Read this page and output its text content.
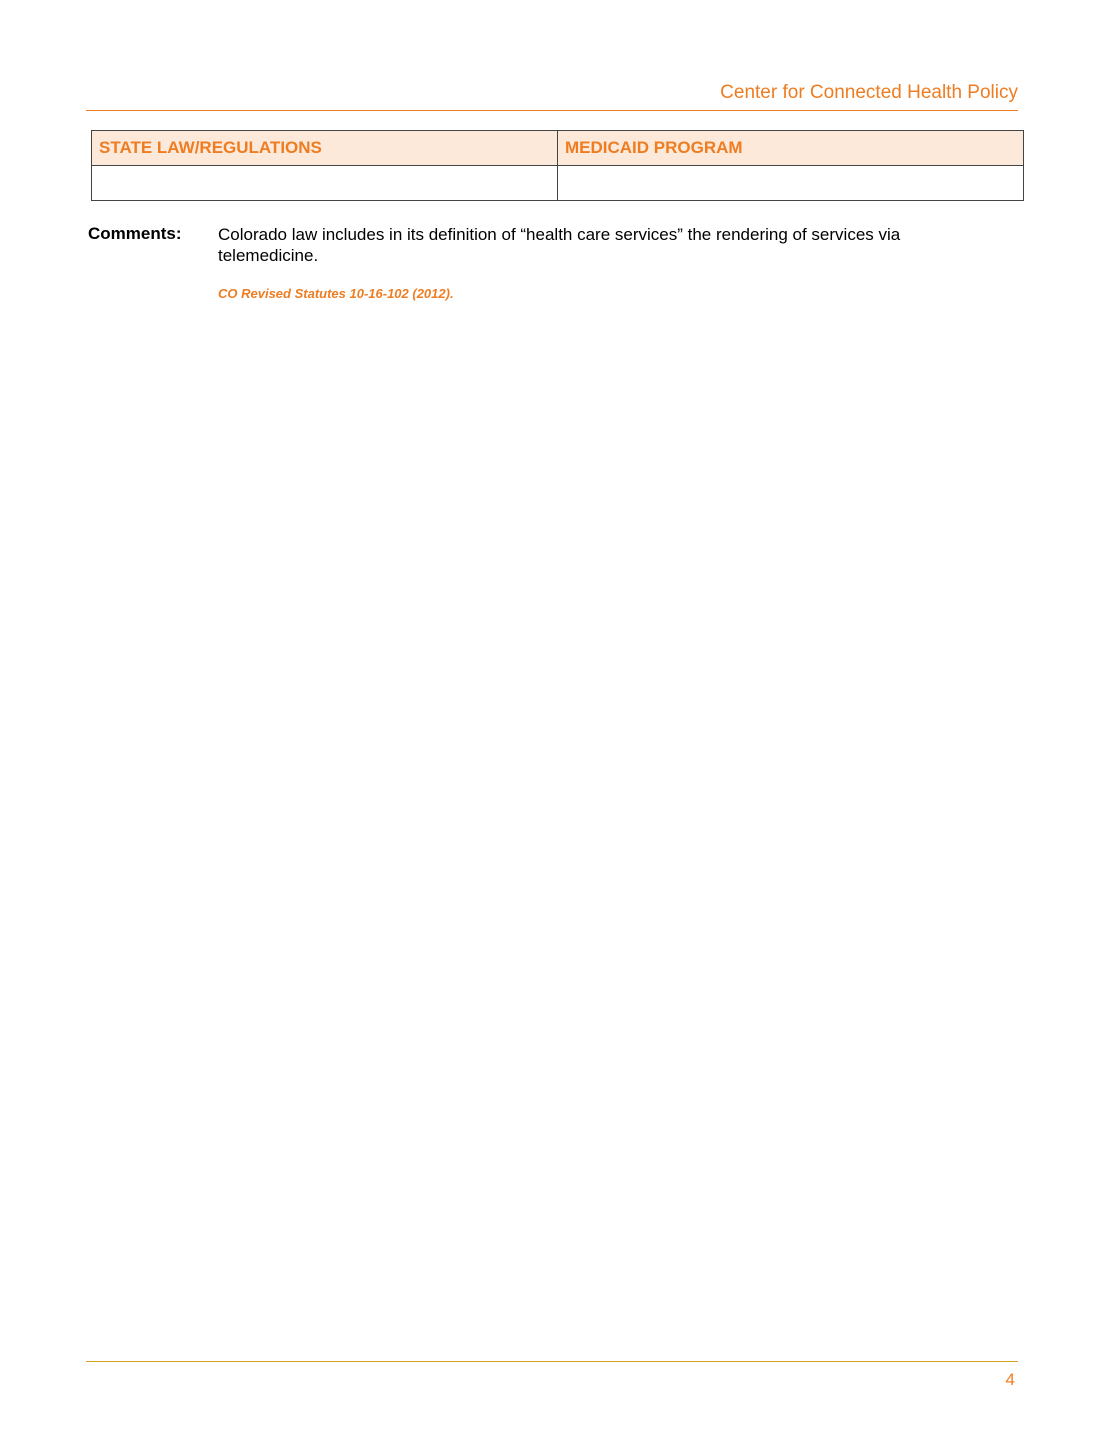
Center for Connected Health Policy
STATE LAW/REGULATIONS	MEDICAID PROGRAM

Comments: Colorado law includes in its definition of “health care services” the rendering of services via telemedicine.
CO Revised Statutes 10-16-102 (2012).
4
